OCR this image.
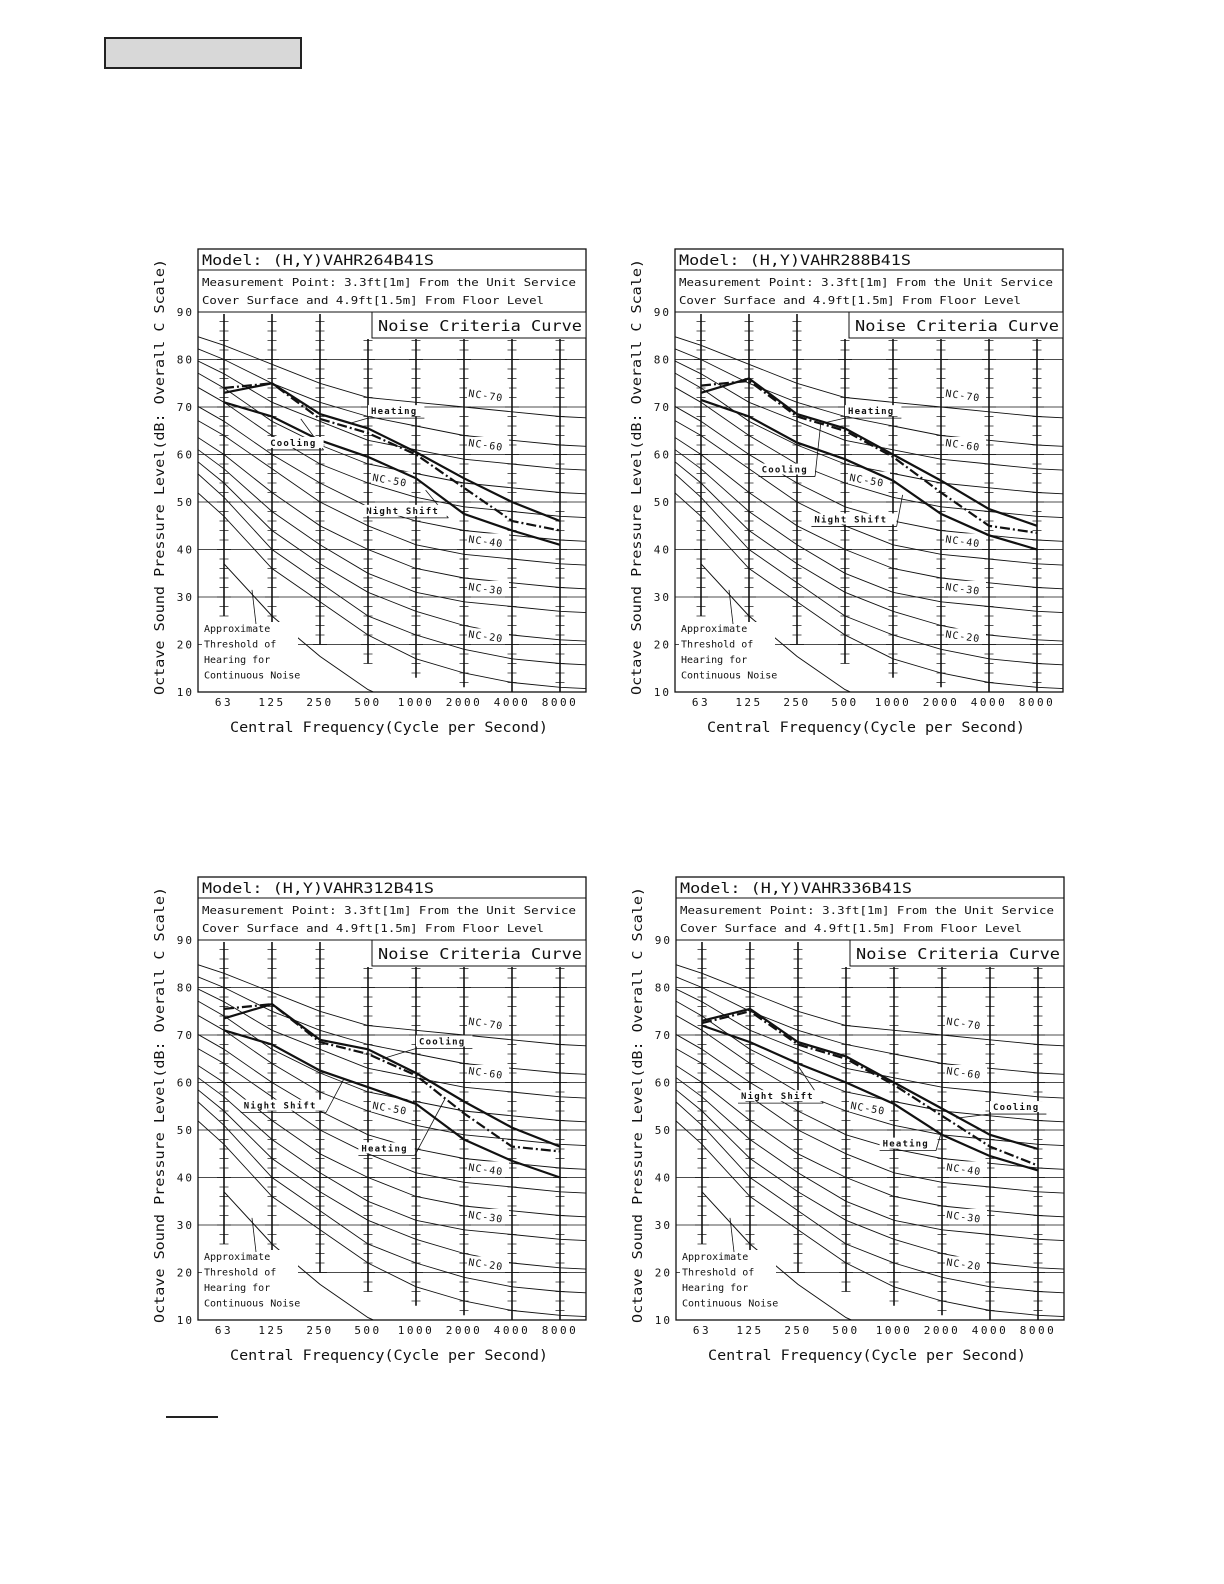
Model: (H,Y)VAHR264B41S
Measurement Point: 3.3ft[1m] From the Unit Service
Cover Surface and 4.9ft[1.5m] From Floor Level
90
80
70
60
50
40
30
20
10
Noise Criteria Curve
NC-70
NC-60
NC-50
NC-40
NC-30
NC-20
Heating
Cooling
Night Shift
Approximate
Threshold of
Hearing for
Continuous Noise
63 125 250 500 1000 2000 4000 8000
Central Frequency(Cycle per Second)
Octave Sound Pressure Level(dB: Overall C Scale)
Model: (H,Y)VAHR288B41S
Measurement Point: 3.3ft[1m] From the Unit Service
Cover Surface and 4.9ft[1.5m] From Floor Level
90
80
70
60
50
40
30
20
10
Noise Criteria Curve
NC-70
NC-60
NC-50
NC-40
NC-30
NC-20
Heating
Cooling
Night Shift
Approximate
Threshold of
Hearing for
Continuous Noise
63 125 250 500 1000 2000 4000 8000
Central Frequency(Cycle per Second)
Octave Sound Pressure Level(dB: Overall C Scale)
Model: (H,Y)VAHR312B41S
Measurement Point: 3.3ft[1m] From the Unit Service
Cover Surface and 4.9ft[1.5m] From Floor Level
90
80
70
60
50
40
30
20
10
Noise Criteria Curve
NC-70
NC-60
NC-50
NC-40
NC-30
NC-20
Cooling
Night Shift
Heating
Approximate
Threshold of
Hearing for
Continuous Noise
63 125 250 500 1000 2000 4000 8000
Central Frequency(Cycle per Second)
Octave Sound Pressure Level(dB: Overall C Scale)
Model: (H,Y)VAHR336B41S
Measurement Point: 3.3ft[1m] From the Unit Service
Cover Surface and 4.9ft[1.5m] From Floor Level
90
80
70
60
50
40
30
20
10
Noise Criteria Curve
NC-70
NC-60
NC-50
NC-40
NC-30
NC-20
Cooling
Night Shift
Heating
Approximate
Threshold of
Hearing for
Continuous Noise
63 125 250 500 1000 2000 4000 8000
Central Frequency(Cycle per Second)
Octave Sound Pressure Level(dB: Overall C Scale)
